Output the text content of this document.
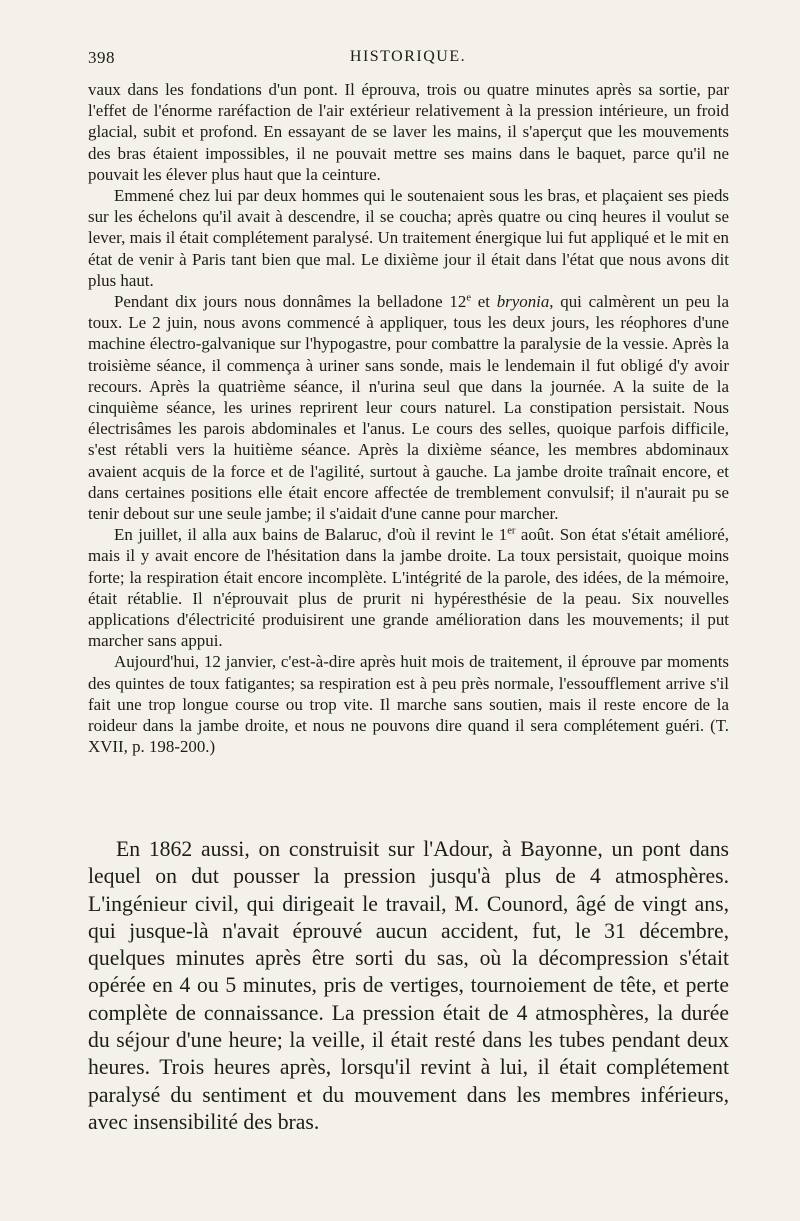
398	HISTORIQUE.

vaux dans les fondations d'un pont. Il éprouva, trois ou quatre minutes après sa sortie, par l'effet de l'énorme raréfaction de l'air extérieur relativement à la pression intérieure, un froid glacial, subit et profond. En essayant de se laver les mains, il s'aperçut que les mouvements des bras étaient impossibles, il ne pouvait mettre ses mains dans le baquet, parce qu'il ne pouvait les élever plus haut que la ceinture.

Emmené chez lui par deux hommes qui le soutenaient sous les bras, et plaçaient ses pieds sur les échelons qu'il avait à descendre, il se coucha; après quatre ou cinq heures il voulut se lever, mais il était complétement paralysé. Un traitement énergique lui fut appliqué et le mit en état de venir à Paris tant bien que mal. Le dixième jour il était dans l'état que nous avons dit plus haut.

Pendant dix jours nous donnâmes la belladone 12e et bryonia, qui calmèrent un peu la toux. Le 2 juin, nous avons commencé à appliquer, tous les deux jours, les réophores d'une machine électro-galvanique sur l'hypogastre, pour combattre la paralysie de la vessie. Après la troisième séance, il commença à uriner sans sonde, mais le lendemain il fut obligé d'y avoir recours. Après la quatrième séance, il n'urina seul que dans la journée. A la suite de la cinquième séance, les urines reprirent leur cours naturel. La constipation persistait. Nous électrisâmes les parois abdominales et l'anus. Le cours des selles, quoique parfois difficile, s'est rétabli vers la huitième séance. Après la dixième séance, les membres abdominaux avaient acquis de la force et de l'agilité, surtout à gauche. La jambe droite traînait encore, et dans certaines positions elle était encore affectée de tremblement convulsif; il n'aurait pu se tenir debout sur une seule jambe; il s'aidait d'une canne pour marcher.

En juillet, il alla aux bains de Balaruc, d'où il revint le 1er août. Son état s'était amélioré, mais il y avait encore de l'hésitation dans la jambe droite. La toux persistait, quoique moins forte; la respiration était encore incomplète. L'intégrité de la parole, des idées, de la mémoire, était rétablie. Il n'éprouvait plus de prurit ni hypéresthésie de la peau. Six nouvelles applications d'électricité produisirent une grande amélioration dans les mouvements; il put marcher sans appui.

Aujourd'hui, 12 janvier, c'est-à-dire après huit mois de traitement, il éprouve par moments des quintes de toux fatigantes; sa respiration est à peu près normale, l'essoufflement arrive s'il fait une trop longue course ou trop vite. Il marche sans soutien, mais il reste encore de la roideur dans la jambe droite, et nous ne pouvons dire quand il sera complétement guéri. (T. XVII, p. 198-200.)

En 1862 aussi, on construisit sur l'Adour, à Bayonne, un pont dans lequel on dut pousser la pression jusqu'à plus de 4 atmosphères. L'ingénieur civil, qui dirigeait le travail, M. Counord, âgé de vingt ans, qui jusque-là n'avait éprouvé aucun accident, fut, le 31 décembre, quelques minutes après être sorti du sas, où la décompression s'était opérée en 4 ou 5 minutes, pris de vertiges, tournoiement de tête, et perte complète de connaissance. La pression était de 4 atmosphères, la durée du séjour d'une heure; la veille, il était resté dans les tubes pendant deux heures. Trois heures après, lorsqu'il revint à lui, il était complétement paralysé du sentiment et du mouvement dans les membres inférieurs, avec insensibilité des bras.
